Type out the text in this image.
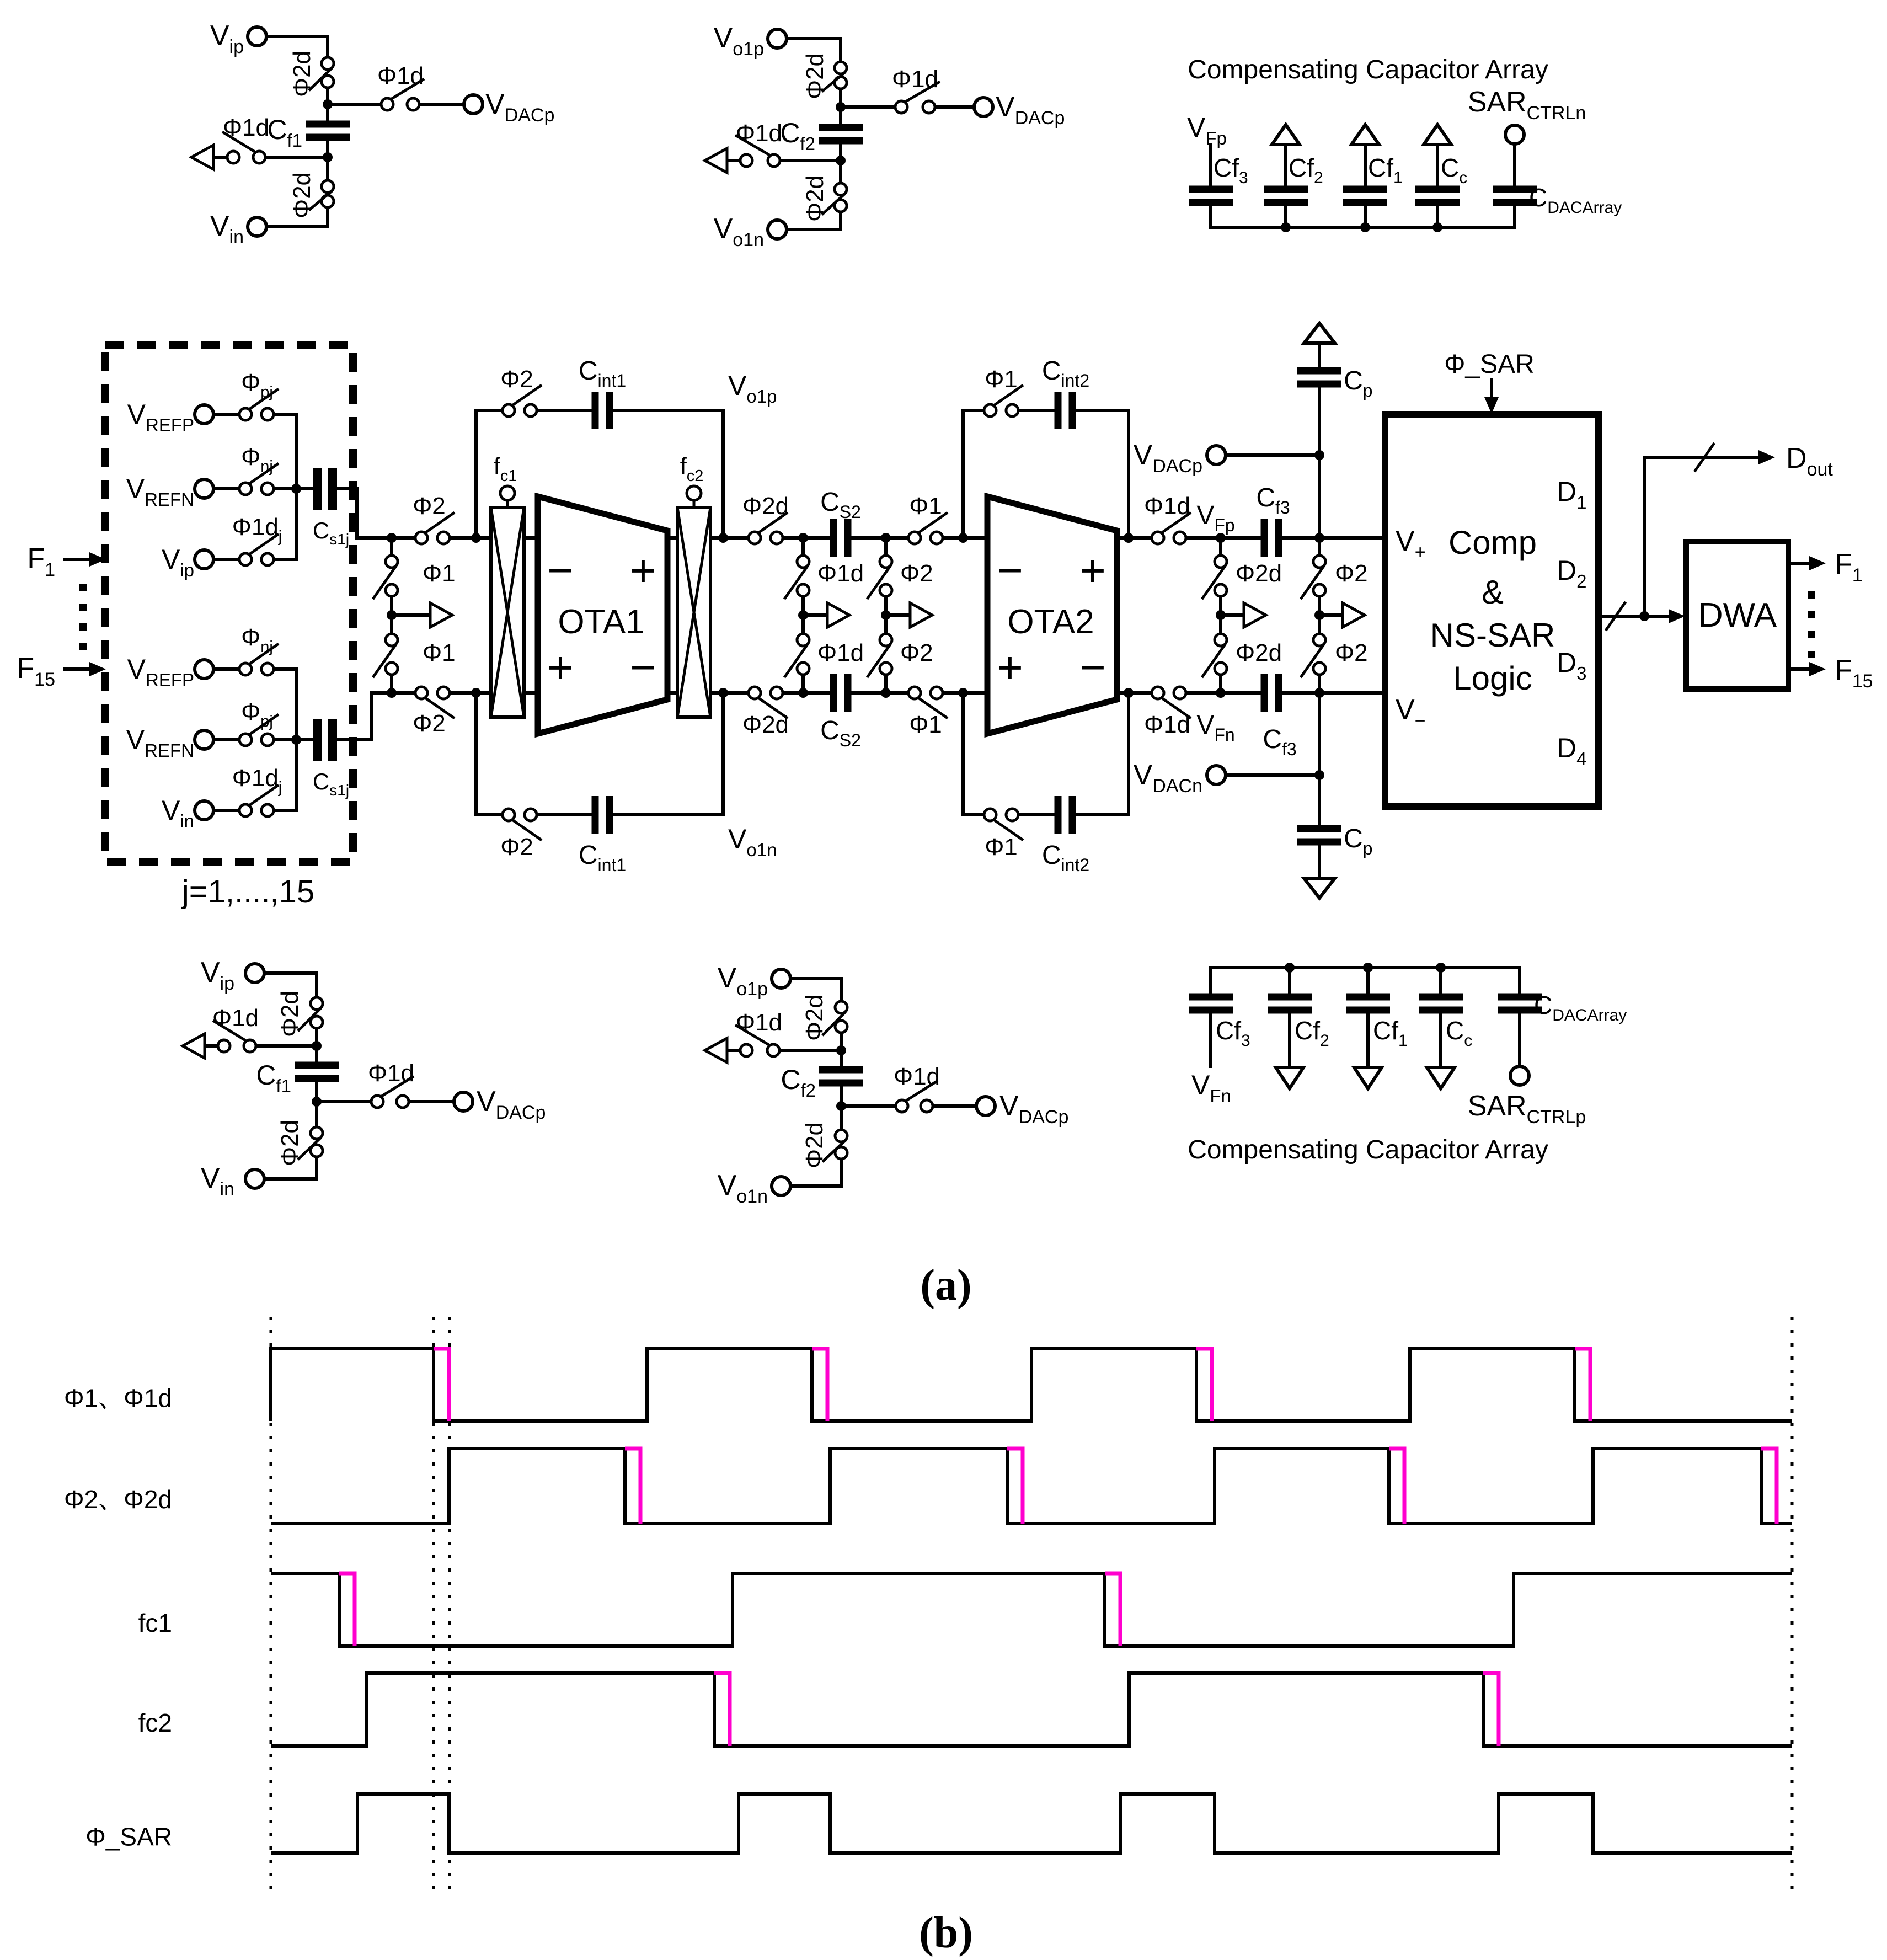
$V_{ip}$
$V_{in}$
$V_{DACp}$
$C_{f1}$
Φ1d
Φ1d
Φ2d
Φ2d
$V_{o1p}$
$V_{o1n}$
$V_{DACp}$
$C_{f2}$
Φ1d
Φ1d
Φ2d
Φ2d
Compensating Capacitor Array
$V_{Fp}$
$SAR_{CTRLn}$
$Cf_3$ $Cf_2$ $Cf_1$ $C_c$
$C_{DACArray}$
$V_{ip}$
$V_{in}$
Φ1d Φ2d
$C_{f1}$	Φ1d
$V_{DACp}$
Φ2d
$V_{o1p}$
$V_{o1n}$
Φ1d Φ2d
$C_{f2}$
Φ1d
$V_{DACp}$
Φ2d
$Cf_3$ $Cf_2$ $Cf_1$ $C_c$
$C_{DACArray}$
$V_{Fn}$	$SAR_{CTRLp}$
Compensating Capacitor Array
$V_{REFP}$
$V_{REFN}$
$V_{ip}$
$V_{REFP}$
$V_{REFN}$
$V_{in}$
$\Phi_{pj}$
$\Phi_{nj}$
$\Phi 1d_j$
$\Phi_{nj}$
$\Phi_{pj}$
$\Phi 1d_j$
$C_{s1j}$
$C_{s1j}$
$F_1$
$F_{15}$
j=1,....,15
Φ2
Φ1
Φ1
Φ2
$f_{c1}$	$f_{c2}$
Φ2 $C_{int1}$
Φ2 $C_{int1}$
$V_{o1p}$
$V_{o1n}$
OTA1
− +
+ −
Φ2d	Φ1
$C_{S2}$
Φ1d
Φ1d
Φ2
Φ2
Φ2d	Φ1
$C_{S2}$
Φ1 $C_{int2}$
Φ1 $C_{int2}$
OTA2
− +
+ −
Φ1d $V_{Fp}$
$C_{f3}$
Φ2d
Φ2d
Φ2
Φ2
Φ1d $V_{Fn}$ $C_{f3}$
$V_{DACp}$
$V_{DACn}$
$C_p$
$C_p$
Φ_SAR
Comp
&
NS-SAR
Logic
$V_+$
$V_-$
$D_1$
$D_2$
$D_3$
$D_4$
$D_{out}$
DWA
$F_1$
$F_{15}$
(a)
(b)
Φ1、Φ1d
Φ2、Φ2d
fc1
fc2
Φ_SAR
